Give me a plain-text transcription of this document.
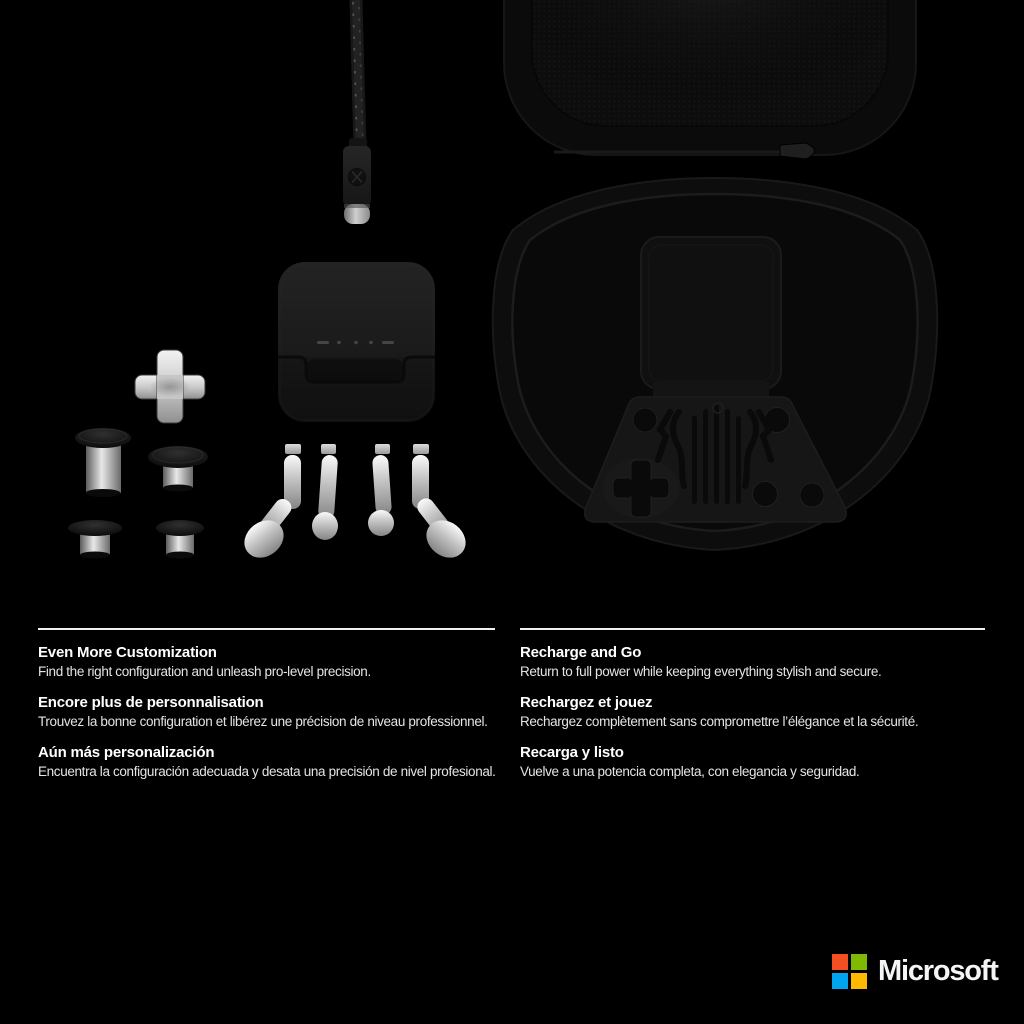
Even More Customization

Find the right configuration and unleash pro-level precision.

Encore plus de personnalisation

Trouvez la bonne configuration et libérez une précision de niveau professionnel.

Aún más personalización

Encuentra la configuración adecuada y desata una precisión de nivel profesional.

Recharge and Go

Return to full power while keeping everything stylish and secure.

Rechargez et jouez

Rechargez complètement sans compromettre l’élégance et la sécurité.

Recarga y listo

Vuelve a una potencia completa, con elegancia y seguridad.

Microsoft
